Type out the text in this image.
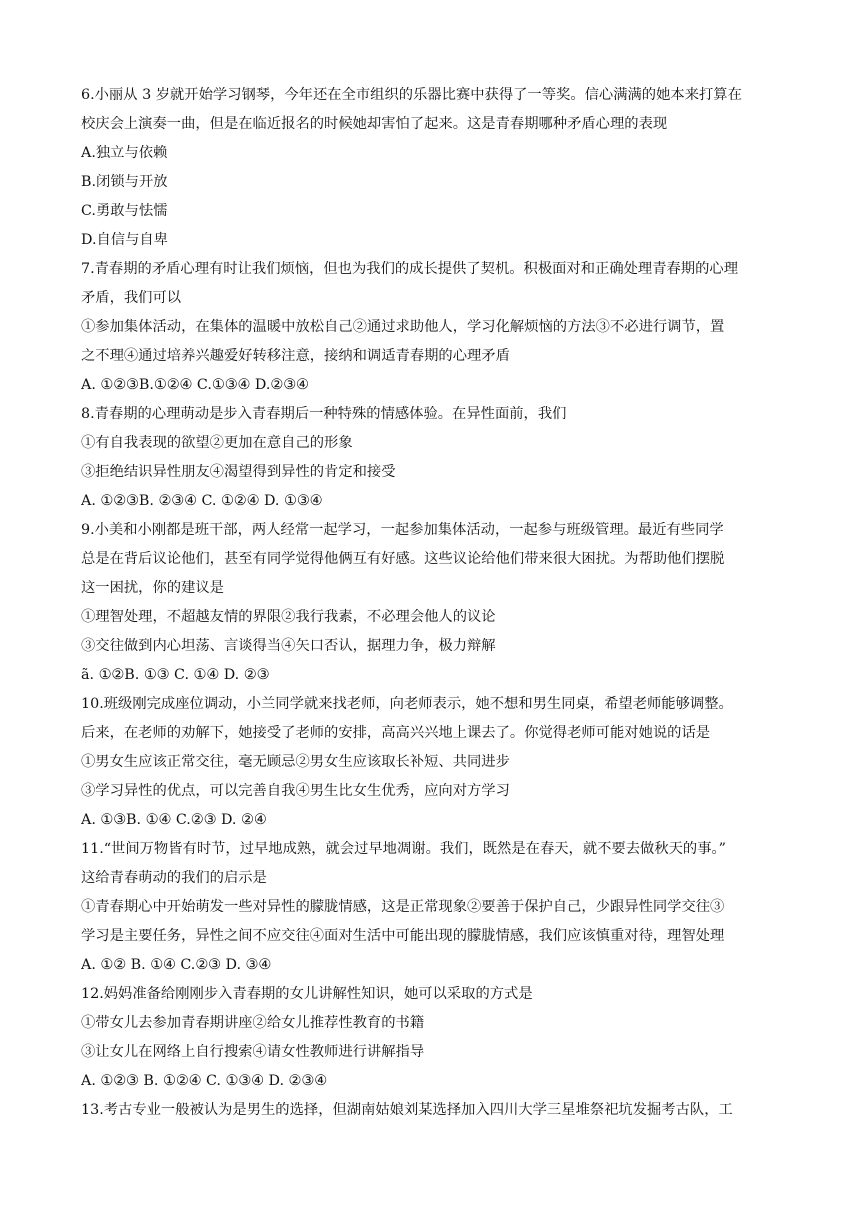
6.小丽从 3 岁就开始学习钢琴，今年还在全市组织的乐器比赛中获得了一等奖。信心满满的她本来打算在
校庆会上演奏一曲，但是在临近报名的时候她却害怕了起来。这是青春期哪种矛盾心理的表现
A.独立与依赖
B.闭锁与开放
C.勇敢与怯懦
D.自信与自卑
7.青春期的矛盾心理有时让我们烦恼，但也为我们的成长提供了契机。积极面对和正确处理青春期的心理
矛盾，我们可以
①参加集体活动，在集体的温暖中放松自己②通过求助他人，学习化解烦恼的方法③不必进行调节，置
之不理④通过培养兴趣爱好转移注意，接纳和调适青春期的心理矛盾
A. ①②③B.①②④ C.①③④ D.②③④
8.青春期的心理萌动是步入青春期后一种特殊的情感体验。在异性面前，我们
①有自我表现的欲望②更加在意自己的形象
③拒绝结识异性朋友④渴望得到异性的肯定和接受
A. ①②③B. ②③④ C. ①②④ D. ①③④
9.小美和小刚都是班干部，两人经常一起学习，一起参加集体活动，一起参与班级管理。最近有些同学
总是在背后议论他们，甚至有同学觉得他俩互有好感。这些议论给他们带来很大困扰。为帮助他们摆脱
这一困扰，你的建议是
①理智处理，不超越友情的界限②我行我素，不必理会他人的议论
③交往做到内心坦荡、言谈得当④矢口否认，据理力争，极力辩解
ã. ①②B. ①③ C. ①④ D. ②③
10.班级刚完成座位调动，小兰同学就来找老师，向老师表示，她不想和男生同桌，希望老师能够调整。
后来，在老师的劝解下，她接受了老师的安排，高高兴兴地上课去了。你觉得老师可能对她说的话是
①男女生应该正常交往，毫无顾忌②男女生应该取长补短、共同进步
③学习异性的优点，可以完善自我④男生比女生优秀，应向对方学习
A. ①③B. ①④ C.②③ D. ②④
11.“世间万物皆有时节，过早地成熟，就会过早地凋谢。我们，既然是在春天，就不要去做秋天的事。”
这给青春萌动的我们的启示是
①青春期心中开始萌发一些对异性的朦胧情感，这是正常现象②要善于保护自己，少跟异性同学交往③
学习是主要任务，异性之间不应交往④面对生活中可能出现的朦胧情感，我们应该慎重对待，理智处理
A. ①② B. ①④ C.②③ D. ③④
12.妈妈准备给刚刚步入青春期的女儿讲解性知识，她可以采取的方式是
①带女儿去参加青春期讲座②给女儿推荐性教育的书籍
③让女儿在网络上自行搜索④请女性教师进行讲解指导
A. ①②③ B. ①②④ C. ①③④ D. ②③④
13.考古专业一般被认为是男生的选择，但湖南姑娘刘某选择加入四川大学三星堆祭祀坑发掘考古队，工
